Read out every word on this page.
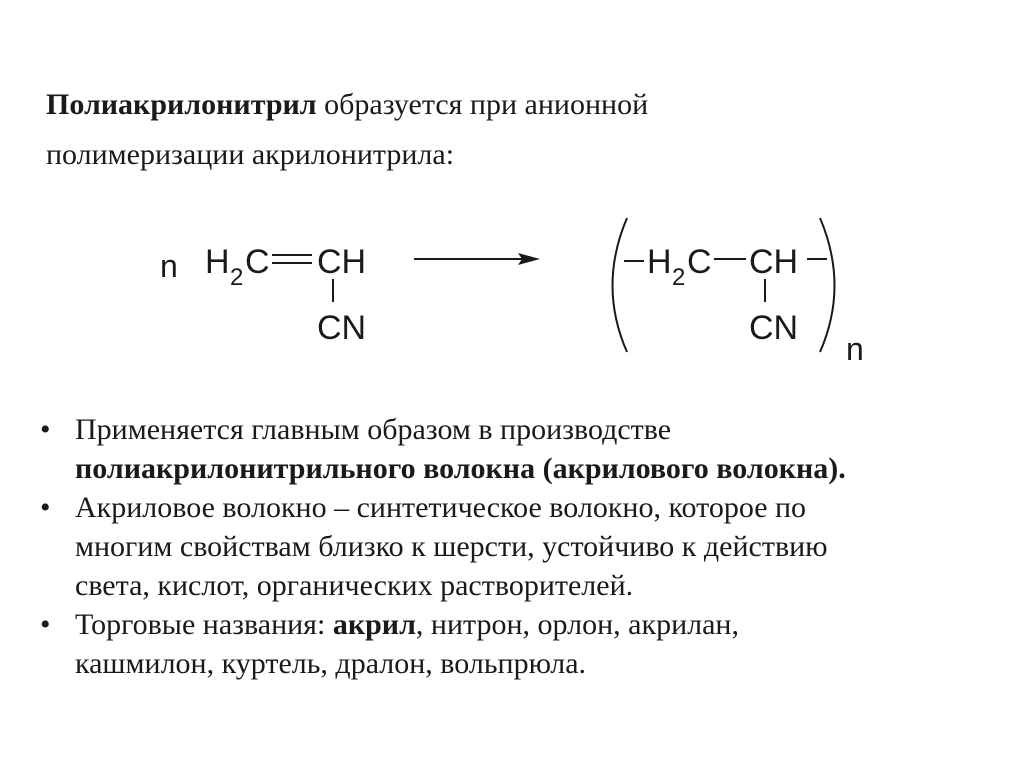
Полиакрилонитрил образуется при анионной
полимеризации акрилонитрила:
n H 2 C CH
CN
H 2 C CH
CN
n
• Применяется главным образом в производстве
полиакрилонитрильного волокна (акрилового волокна).
• Акриловое волокно – синтетическое волокно, которое по
многим свойствам близко к шерсти, устойчиво к действию
света, кислот, органических растворителей.
• Торговые названия: акрил, нитрон, орлон, акрилан,
кашмилон, куртель, дралон, вольпрюла.
